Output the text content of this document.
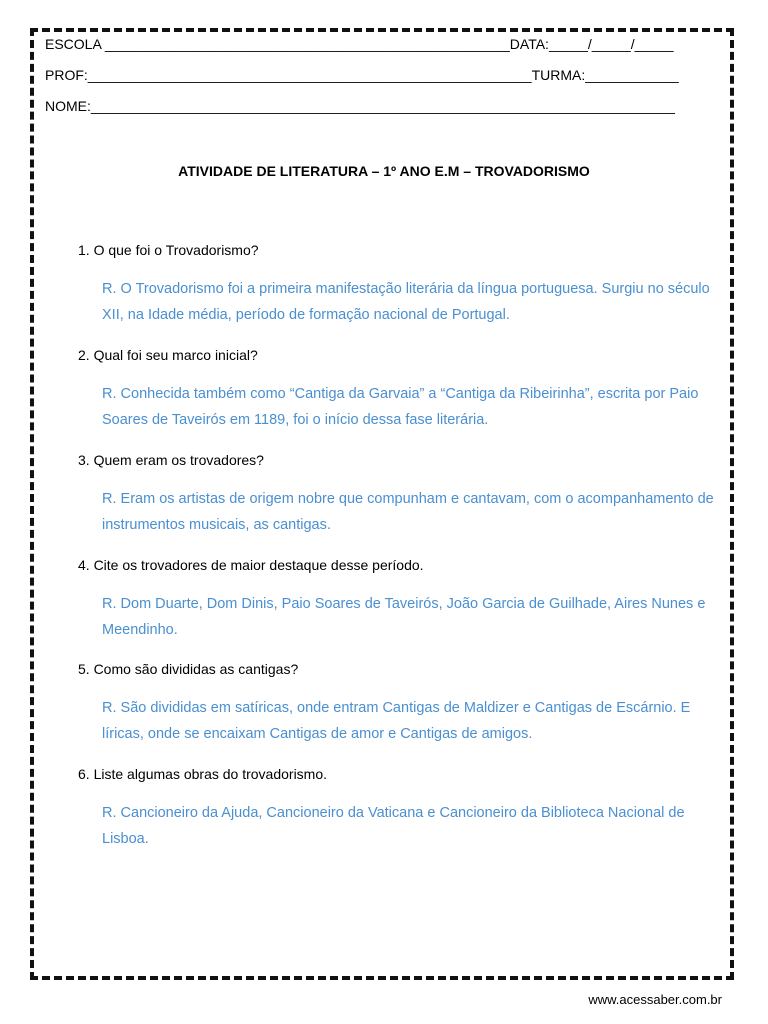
ESCOLA ____________________________________________________DATA:_____/_____/_____
PROF:_________________________________________________________TURMA:____________
NOME:___________________________________________________________________________
ATIVIDADE DE LITERATURA – 1º ANO E.M – TROVADORISMO
1. O que foi o Trovadorismo?
R. O Trovadorismo foi a primeira manifestação literária da língua portuguesa. Surgiu no século XII, na Idade média, período de formação nacional de Portugal.
2. Qual foi seu marco inicial?
R. Conhecida também como “Cantiga da Garvaia” a “Cantiga da Ribeirinha”, escrita por Paio Soares de Taveirós em 1189, foi o início dessa fase literária.
3. Quem eram os trovadores?
R. Eram os artistas de origem nobre que compunham e cantavam, com o acompanhamento de instrumentos musicais, as cantigas.
4. Cite os trovadores de maior destaque desse período.
R. Dom Duarte, Dom Dinis, Paio Soares de Taveirós, João Garcia de Guilhade, Aires Nunes e Meendinho.
5. Como são divididas as cantigas?
R. São divididas em satíricas, onde entram Cantigas de Maldizer e Cantigas de Escárnio. E líricas, onde se encaixam Cantigas de amor e Cantigas de amigos.
6. Liste algumas obras do trovadorismo.
R. Cancioneiro da Ajuda, Cancioneiro da Vaticana e Cancioneiro da Biblioteca Nacional de Lisboa.
www.acessaber.com.br
